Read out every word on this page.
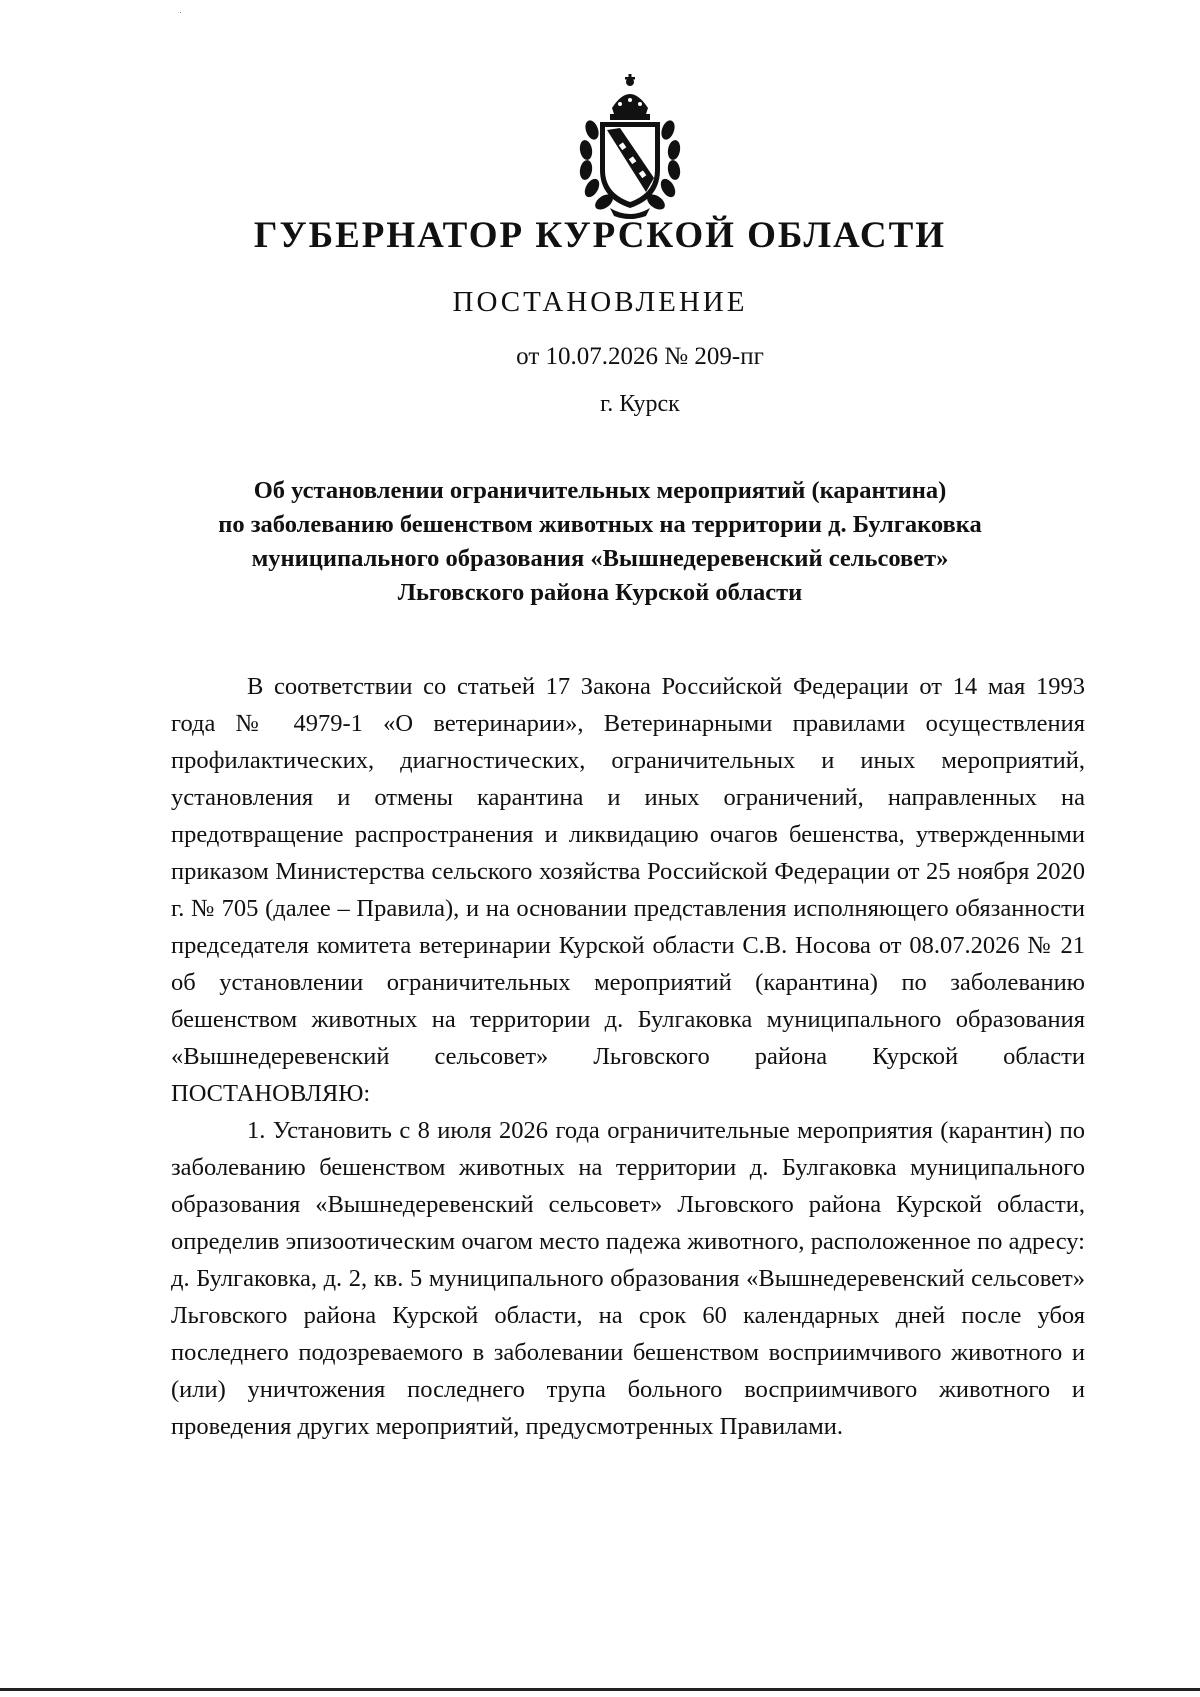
ГУБЕРНАТОР КУРСКОЙ ОБЛАСТИ
ПОСТАНОВЛЕНИЕ
от 10.07.2026 № 209-пг
г. Курск
Об установлении ограничительных мероприятий (карантина)
по заболеванию бешенством животных на территории д. Булгаковка
муниципального образования «Вышнедеревенский сельсовет»
Льговского района Курской области

В соответствии со статьей 17 Закона Российской Федерации от 14 мая 1993 года № 4979-1 «О ветеринарии», Ветеринарными правилами осуществления профилактических, диагностических, ограничительных и иных мероприятий, установления и отмены карантина и иных ограничений, направленных на предотвращение распространения и ликвидацию очагов бешенства, утвержденными приказом Министерства сельского хозяйства Российской Федерации от 25 ноября 2020 г. № 705 (далее – Правила), и на основании представления исполняющего обязанности председателя комитета ветеринарии Курской области С.В. Носова от 08.07.2026 № 21 об установлении ограничительных мероприятий (карантина) по заболеванию бешенством животных на территории д. Булгаковка муниципального образования «Вышнедеревенский сельсовет» Льговского района Курской области ПОСТАНОВЛЯЮ:

1. Установить с 8 июля 2026 года ограничительные мероприятия (карантин) по заболеванию бешенством животных на территории д. Булгаковка муниципального образования «Вышнедеревенский сельсовет» Льговского района Курской области, определив эпизоотическим очагом место падежа животного, расположенное по адресу: д. Булгаковка, д. 2, кв. 5 муниципального образования «Вышнедеревенский сельсовет» Льговского района Курской области, на срок 60 календарных дней после убоя последнего подозреваемого в заболевании бешенством восприимчивого животного и (или) уничтожения последнего трупа больного восприимчивого животного и проведения других мероприятий, предусмотренных Правилами.
